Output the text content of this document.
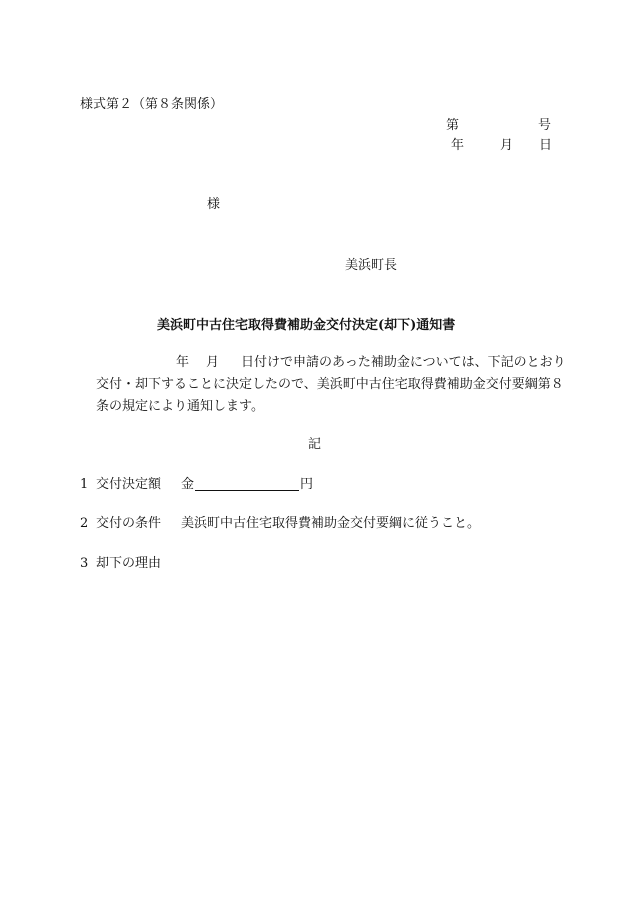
様式第２（第８条関係）
第	号
年	月 日
様
美浜町長
美浜町中古住宅取得費補助金交付決定(却下)通知書
年 月 日付けで申請のあった補助金については、下記のとおり
交付・却下することに決定したので、美浜町中古住宅取得費補助金交付要綱第８
条の規定により通知します。
記
1 交付決定額 金	円
2 交付の条件 美浜町中古住宅取得費補助金交付要綱に従うこと。
3 却下の理由
